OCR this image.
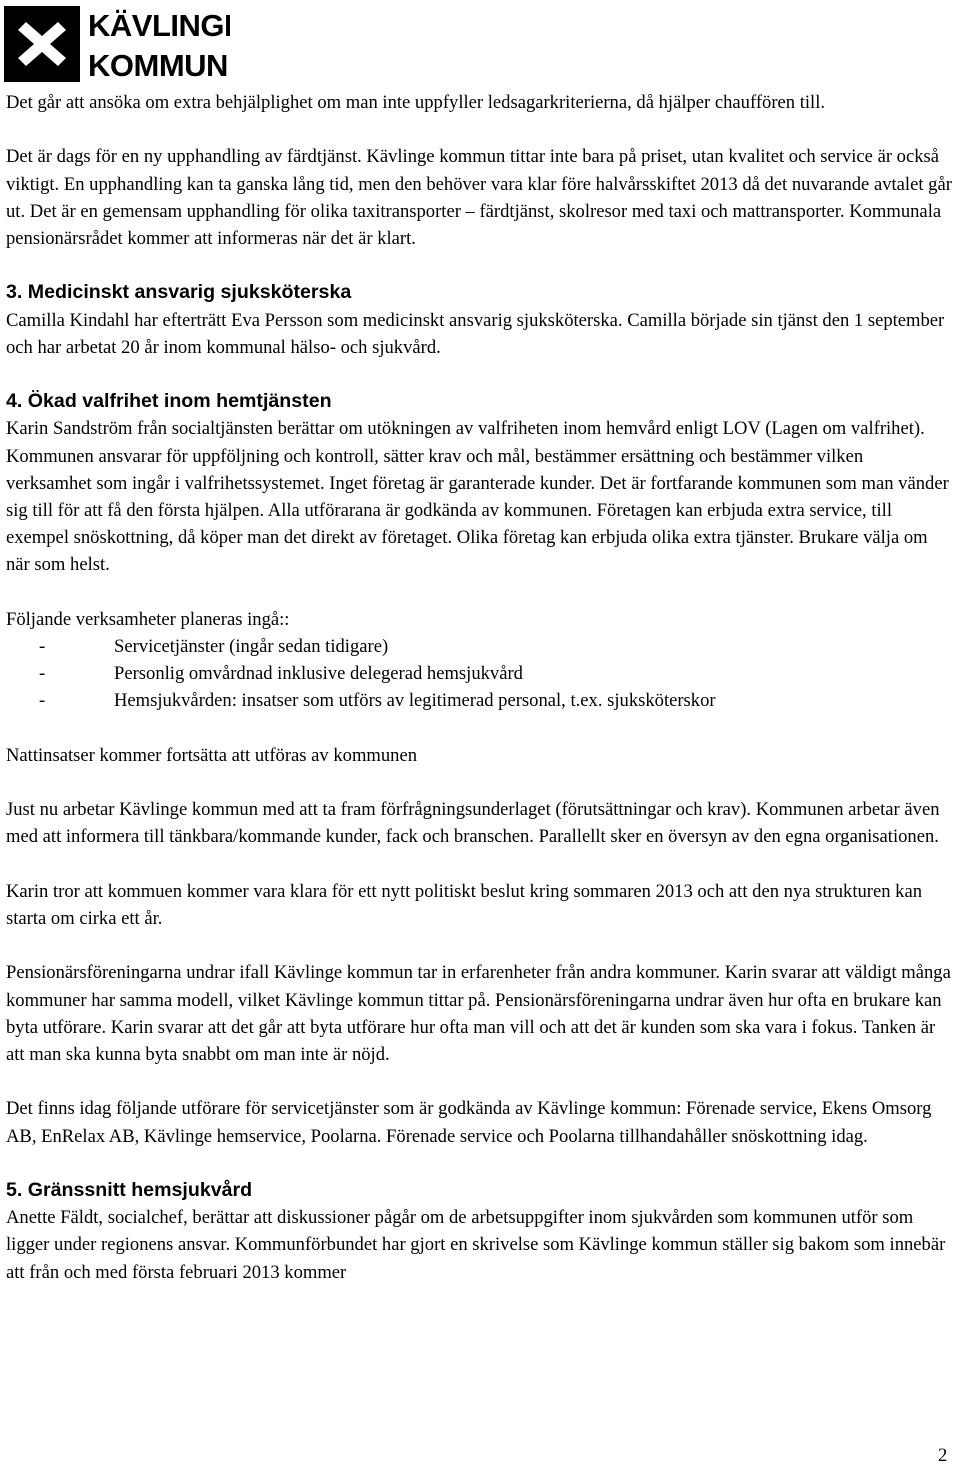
KÄVLINGE
KOMMUN

Det går att ansöka om extra behjälplighet om man inte uppfyller ledsagarkriterierna, då hjälper chauffören till.

Det är dags för en ny upphandling av färdtjänst. Kävlinge kommun tittar inte bara på priset, utan kvalitet och service är också viktigt. En upphandling kan ta ganska lång tid, men den behöver vara klar före halvårsskiftet 2013 då det nuvarande avtalet går ut. Det är en gemensam upphandling för olika taxitransporter – färdtjänst, skolresor med taxi och mattransporter. Kommunala pensionärsrådet kommer att informeras när det är klart.

3. Medicinskt ansvarig sjuksköterska

Camilla Kindahl har efterträtt Eva Persson som medicinskt ansvarig sjuksköterska. Camilla började sin tjänst den 1 september och har arbetat 20 år inom kommunal hälso- och sjukvård.

4. Ökad valfrihet inom hemtjänsten

Karin Sandström från socialtjänsten berättar om utökningen av valfriheten inom hemvård enligt LOV (Lagen om valfrihet). Kommunen ansvarar för uppföljning och kontroll, sätter krav och mål, bestämmer ersättning och bestämmer vilken verksamhet som ingår i valfrihetssystemet. Inget företag är garanterade kunder. Det är fortfarande kommunen som man vänder sig till för att få den första hjälpen. Alla utförarana är godkända av kommunen. Företagen kan erbjuda extra service, till exempel snöskottning, då köper man det direkt av företaget. Olika företag kan erbjuda olika extra tjänster. Brukare välja om när som helst.

Följande verksamheter planeras ingå::

-	Servicetjänster (ingår sedan tidigare)
-	Personlig omvårdnad inklusive delegerad hemsjukvård
-	Hemsjukvården: insatser som utförs av legitimerad personal, t.ex. sjuksköterskor

Nattinsatser kommer fortsätta att utföras av kommunen

Just nu arbetar Kävlinge kommun med att ta fram förfrågningsunderlaget (förutsättningar och krav). Kommunen arbetar även med att informera till tänkbara/kommande kunder, fack och branschen. Parallellt sker en översyn av den egna organisationen.

Karin tror att kommuen kommer vara klara för ett nytt politiskt beslut kring sommaren 2013 och att den nya strukturen kan starta om cirka ett år.

Pensionärsföreningarna undrar ifall Kävlinge kommun tar in erfarenheter från andra kommuner. Karin svarar att väldigt många kommuner har samma modell, vilket Kävlinge kommun tittar på. Pensionärsföreningarna undrar även hur ofta en brukare kan byta utförare. Karin svarar att det går att byta utförare hur ofta man vill och att det är kunden som ska vara i fokus. Tanken är att man ska kunna byta snabbt om man inte är nöjd.

Det finns idag följande utförare för servicetjänster som är godkända av Kävlinge kommun: Förenade service, Ekens Omsorg AB, EnRelax AB, Kävlinge hemservice, Poolarna. Förenade service och Poolarna tillhandahåller snöskottning idag.

5. Gränssnitt hemsjukvård

Anette Fäldt, socialchef, berättar att diskussioner pågår om de arbetsuppgifter inom sjukvården som kommunen utför som ligger under regionens ansvar. Kommunförbundet har gjort en skrivelse som Kävlinge kommun ställer sig bakom som innebär att från och med första februari 2013 kommer

2
